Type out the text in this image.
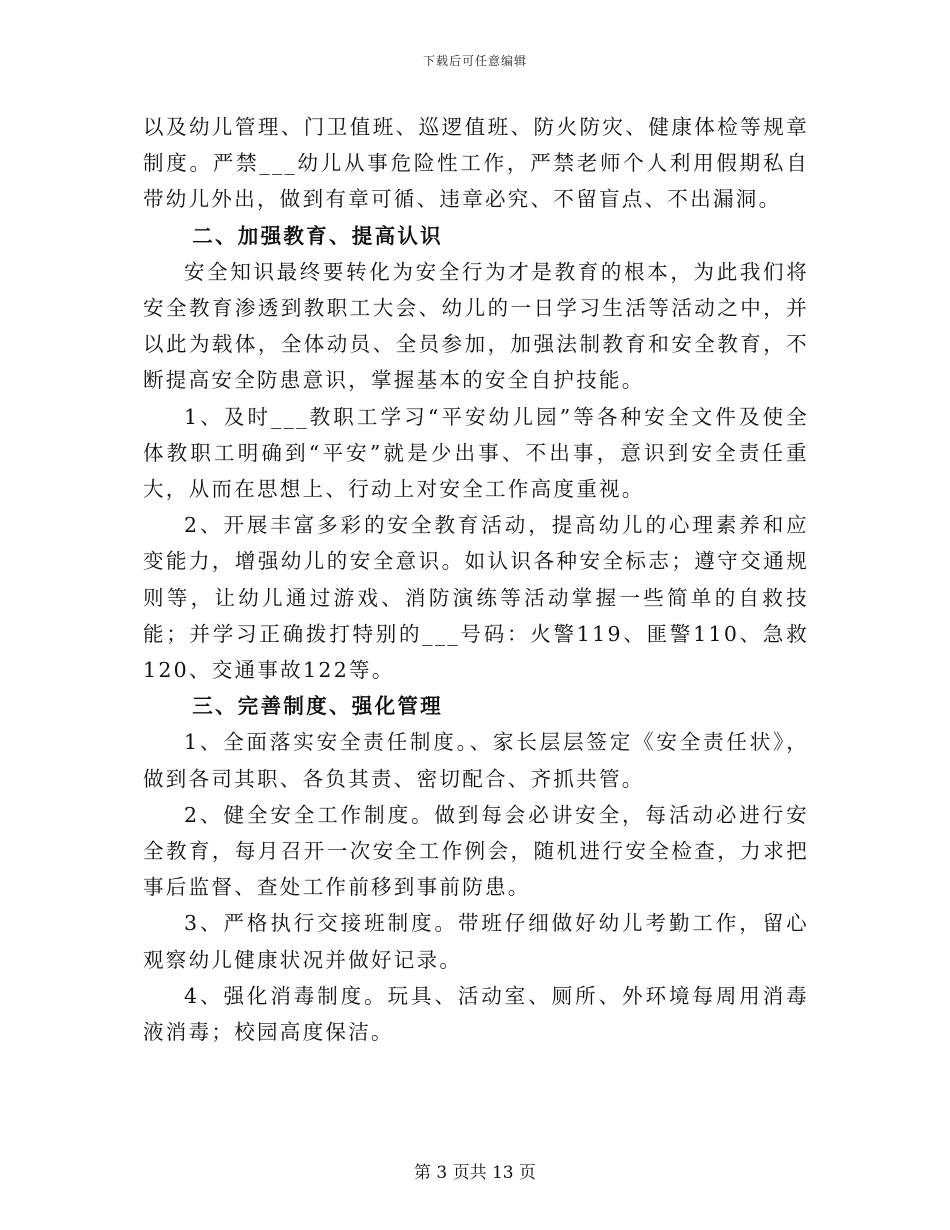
下载后可任意编辑

以及幼儿管理、门卫值班、巡逻值班、防火防灾、健康体检等规章制度。严禁___幼儿从事危险性工作，严禁老师个人利用假期私自带幼儿外出，做到有章可循、违章必究、不留盲点、不出漏洞。

二、加强教育、提高认识

安全知识最终要转化为安全行为才是教育的根本，为此我们将安全教育渗透到教职工大会、幼儿的一日学习生活等活动之中，并以此为载体，全体动员、全员参加，加强法制教育和安全教育，不断提高安全防患意识，掌握基本的安全自护技能。

1、及时___教职工学习“平安幼儿园”等各种安全文件及使全体教职工明确到“平安”就是少出事、不出事，意识到安全责任重大，从而在思想上、行动上对安全工作高度重视。

2、开展丰富多彩的安全教育活动，提高幼儿的心理素养和应变能力，增强幼儿的安全意识。如认识各种安全标志；遵守交通规则等，让幼儿通过游戏、消防演练等活动掌握一些简单的自救技能；并学习正确拨打特别的___号码：火警119、匪警110、急救120、交通事故122等。

三、完善制度、强化管理

1、全面落实安全责任制度。、家长层层签定《安全责任状》，做到各司其职、各负其责、密切配合、齐抓共管。

2、健全安全工作制度。做到每会必讲安全，每活动必进行安全教育，每月召开一次安全工作例会，随机进行安全检查，力求把事后监督、查处工作前移到事前防患。

3、严格执行交接班制度。带班仔细做好幼儿考勤工作，留心观察幼儿健康状况并做好记录。

4、强化消毒制度。玩具、活动室、厕所、外环境每周用消毒液消毒；校园高度保洁。

第 3 页共 13 页
